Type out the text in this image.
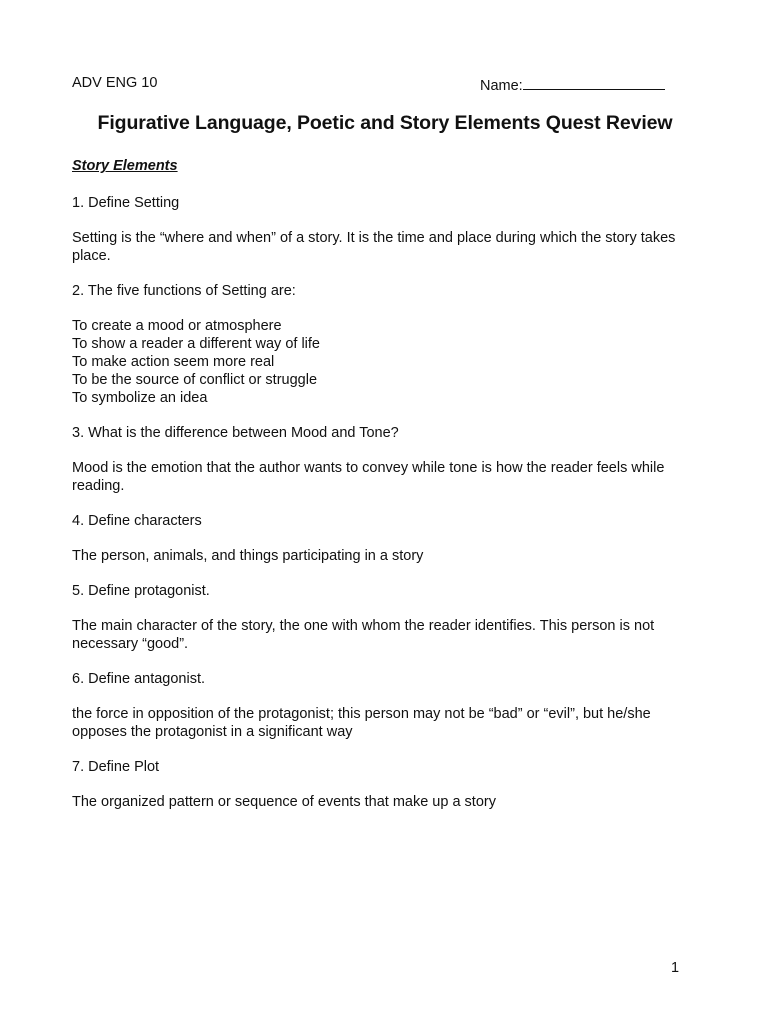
ADV ENG 10	Name:
Figurative Language, Poetic and Story Elements Quest Review
Story Elements
1. Define Setting
Setting is the “where and when” of a story. It is the time and place during which the story takes place.
2. The five functions of Setting are:
To create a mood or atmosphere
To show a reader a different way of life
To make action seem more real
To be the source of conflict or struggle
To symbolize an idea
3. What is the difference between Mood and Tone?
Mood is the emotion that the author wants to convey while tone is how the reader feels while reading.
4. Define characters
The person, animals, and things participating in a story
5. Define protagonist.
The main character of the story, the one with whom the reader identifies. This person is not necessary “good”.
6. Define antagonist.
the force in opposition of the protagonist; this person may not be “bad” or “evil”, but he/she opposes the protagonist in a significant way
7. Define Plot
The organized pattern or sequence of events that make up a story
1
